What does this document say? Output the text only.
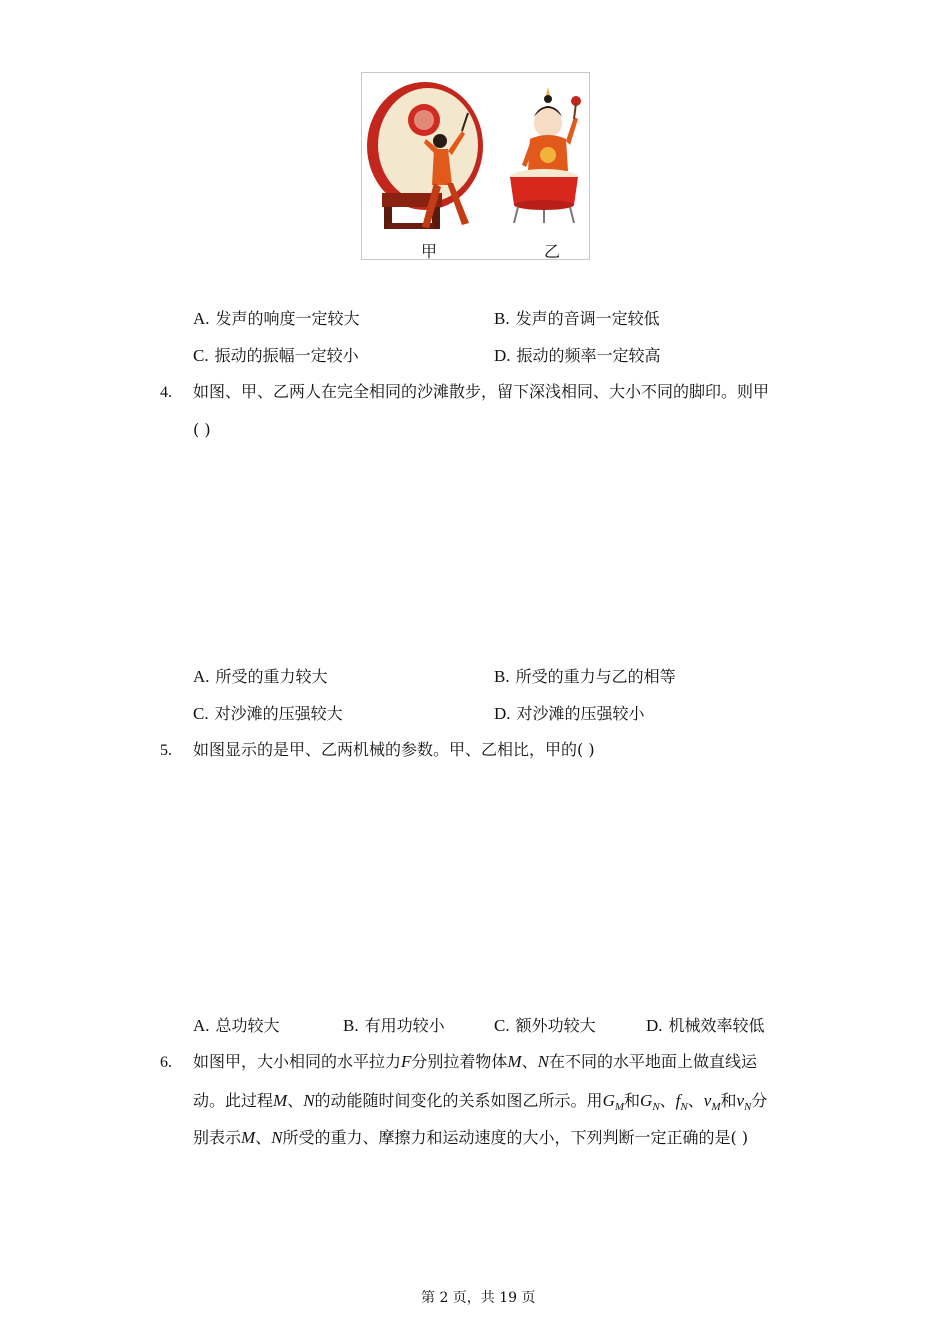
甲	乙
A. 发声的响度一定较大	B. 发声的音调一定较低
C. 振动的振幅一定较小	D. 振动的频率一定较高
4. 如图、甲、乙两人在完全相同的沙滩散步，留下深浅相同、大小不同的脚印。则甲
( )
A. 所受的重力较大	B. 所受的重力与乙的相等
C. 对沙滩的压强较大	D. 对沙滩的压强较小
5. 如图显示的是甲、乙两机械的参数。甲、乙相比，甲的( )
A. 总功较大	B. 有用功较小	C. 额外功较大	D. 机械效率较低
6. 如图甲，大小相同的水平拉力F分别拉着物体M、N在不同的水平地面上做直线运
动。此过程M、N的动能随时间变化的关系如图乙所示。用$G_M$和$G_N$、$f_N$、$v_M$和$v_N$分
别表示M、N所受的重力、摩擦力和运动速度的大小，下列判断一定正确的是( )
第 2 页，共 19 页
